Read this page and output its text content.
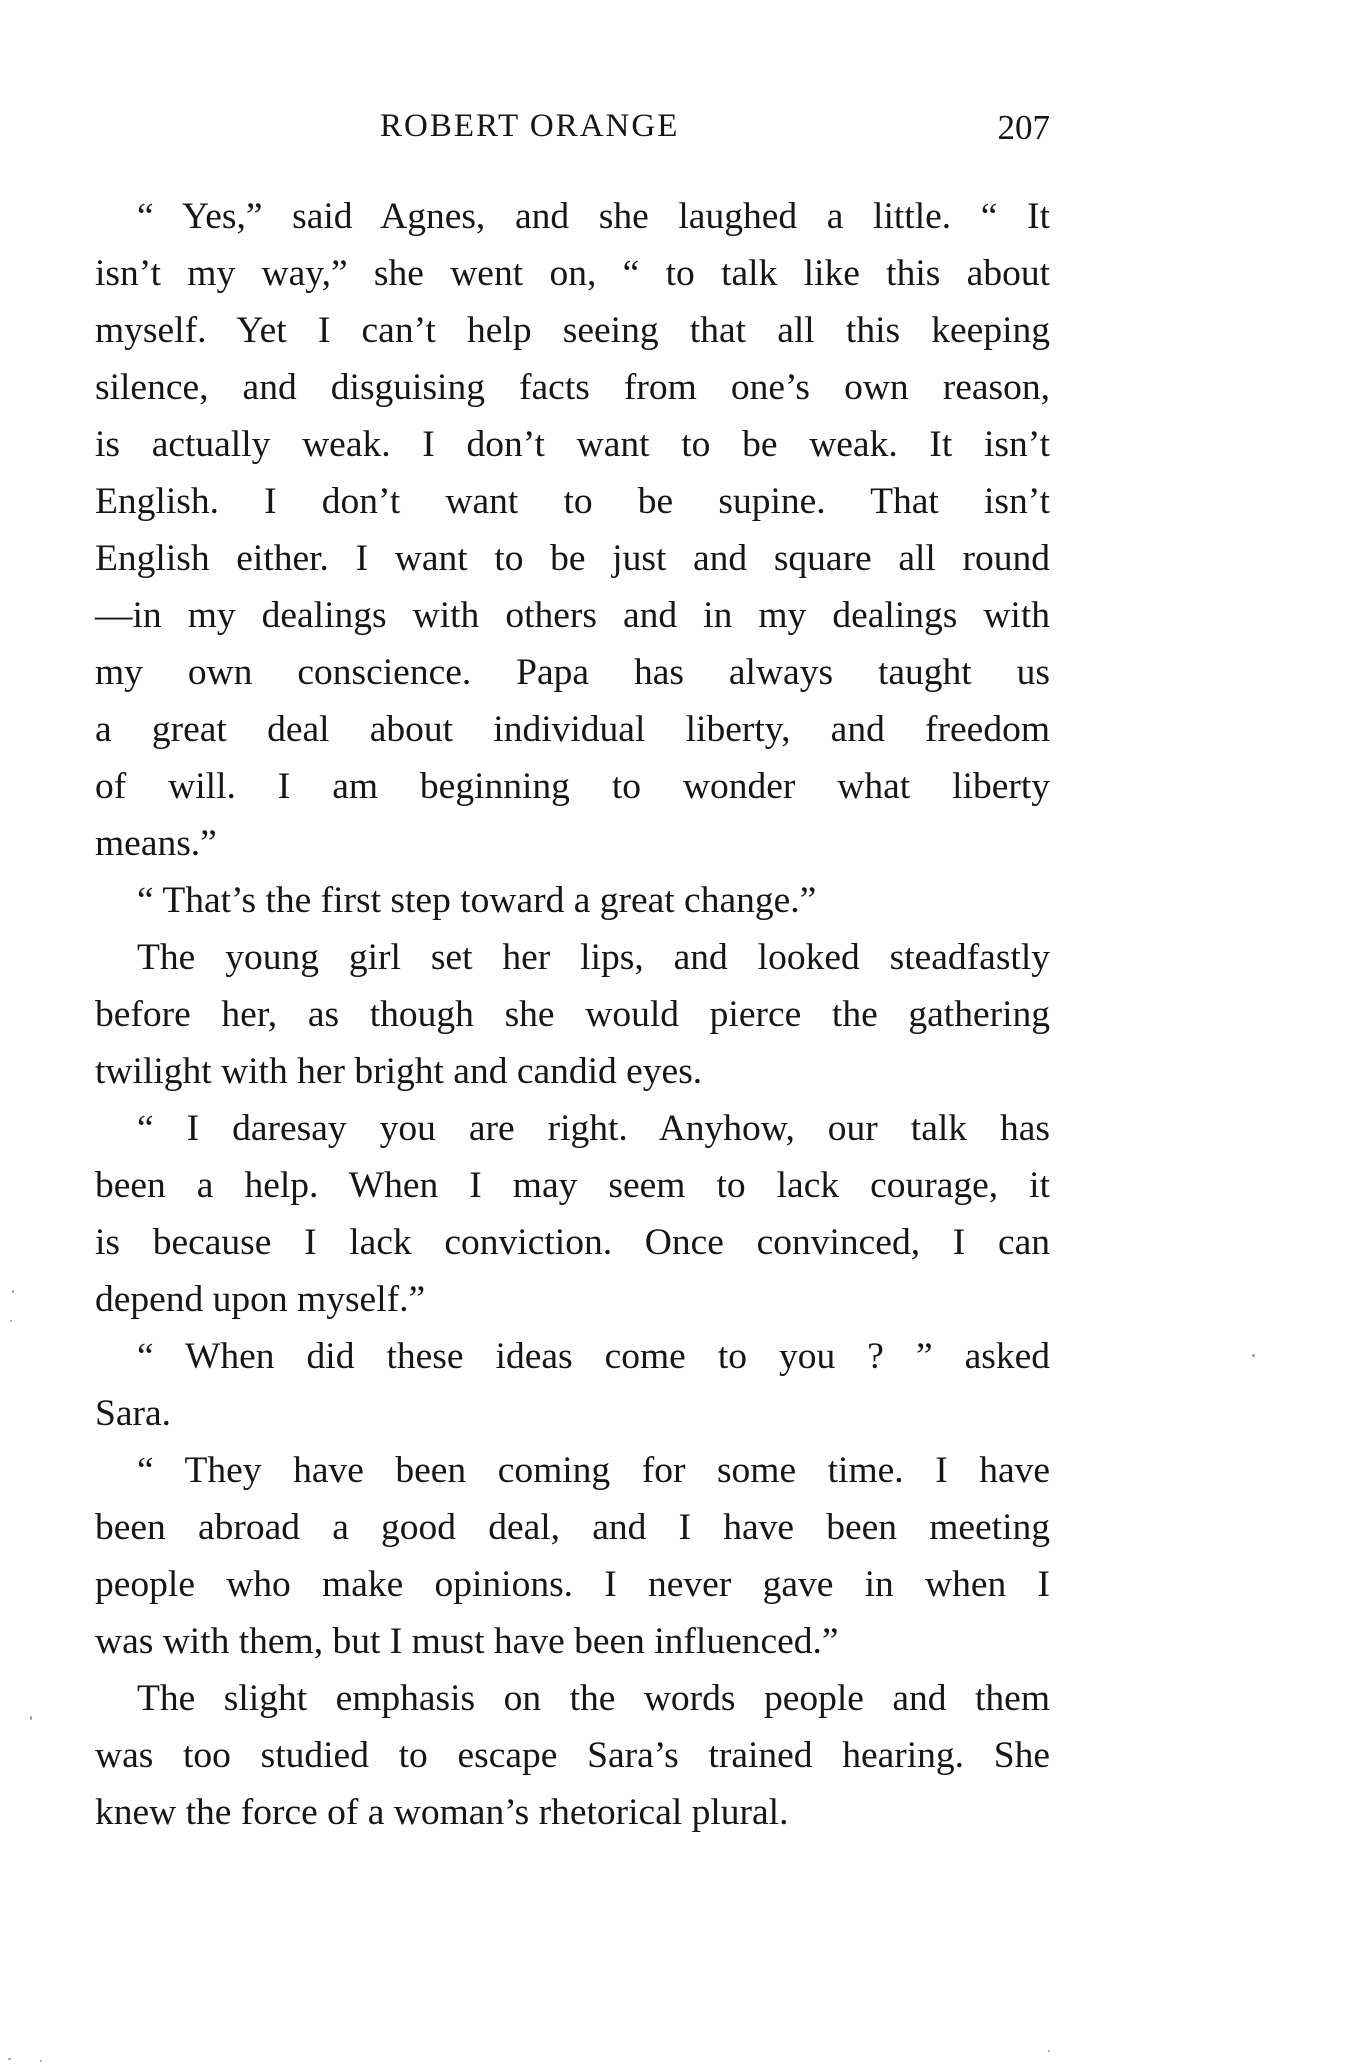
ROBERT ORANGE	207
“ Yes,” said Agnes, and she laughed a little. “ It
isn’t my way,” she went on, “ to talk like this about
myself. Yet I can’t help seeing that all this keeping
silence, and disguising facts from one’s own reason,
is actually weak. I don’t want to be weak. It isn’t
English. I don’t want to be supine. That isn’t
English either. I want to be just and square all round
—in my dealings with others and in my dealings with
my own conscience. Papa has always taught us
a great deal about individual liberty, and freedom
of will. I am beginning to wonder what liberty
means.”
“ That’s the first step toward a great change.”
The young girl set her lips, and looked steadfastly
before her, as though she would pierce the gathering
twilight with her bright and candid eyes.
“ I daresay you are right. Anyhow, our talk has
been a help. When I may seem to lack courage, it
is because I lack conviction. Once convinced, I can
depend upon myself.”
“ When did these ideas come to you ? ” asked
Sara.
“ They have been coming for some time. I have
been abroad a good deal, and I have been meeting
people who make opinions. I never gave in when I
was with them, but I must have been influenced.”
The slight emphasis on the words people and them
was too studied to escape Sara’s trained hearing. She
knew the force of a woman’s rhetorical plural.
